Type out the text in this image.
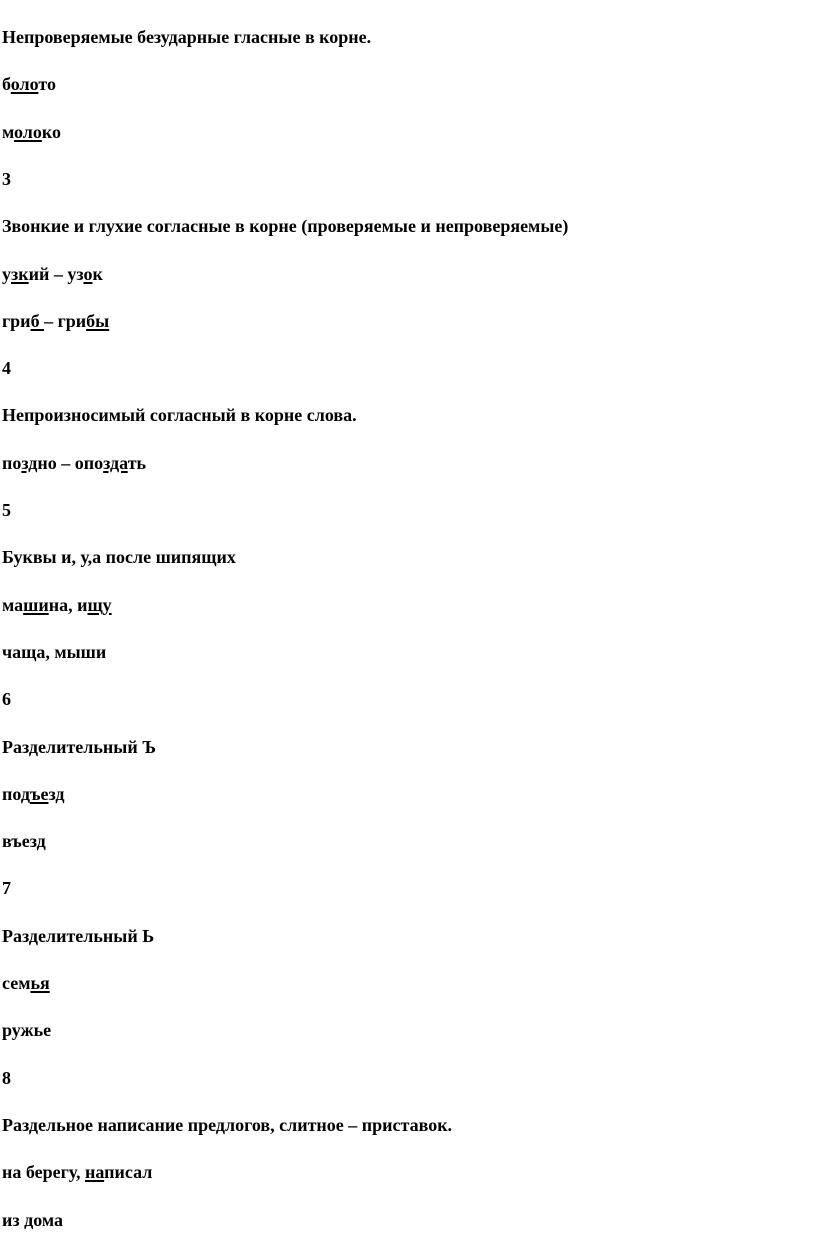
Непроверяемые безударные гласные в корне.
болото
молоко
3
Звонкие и глухие согласные в корне (проверяемые и непроверяемые)
узкий – узок
гриб – грибы
4
Непроизносимый согласный в корне слова.
поздно – опоздать
5
Буквы и, у,а после шипящих
машина, ищу
чаща, мыши
6
Разделительный Ъ
подъезд
въезд
7
Разделительный Ь
семья
ружье
8
Раздельное написание предлогов, слитное – приставок.
на берегу, написал
из дома
